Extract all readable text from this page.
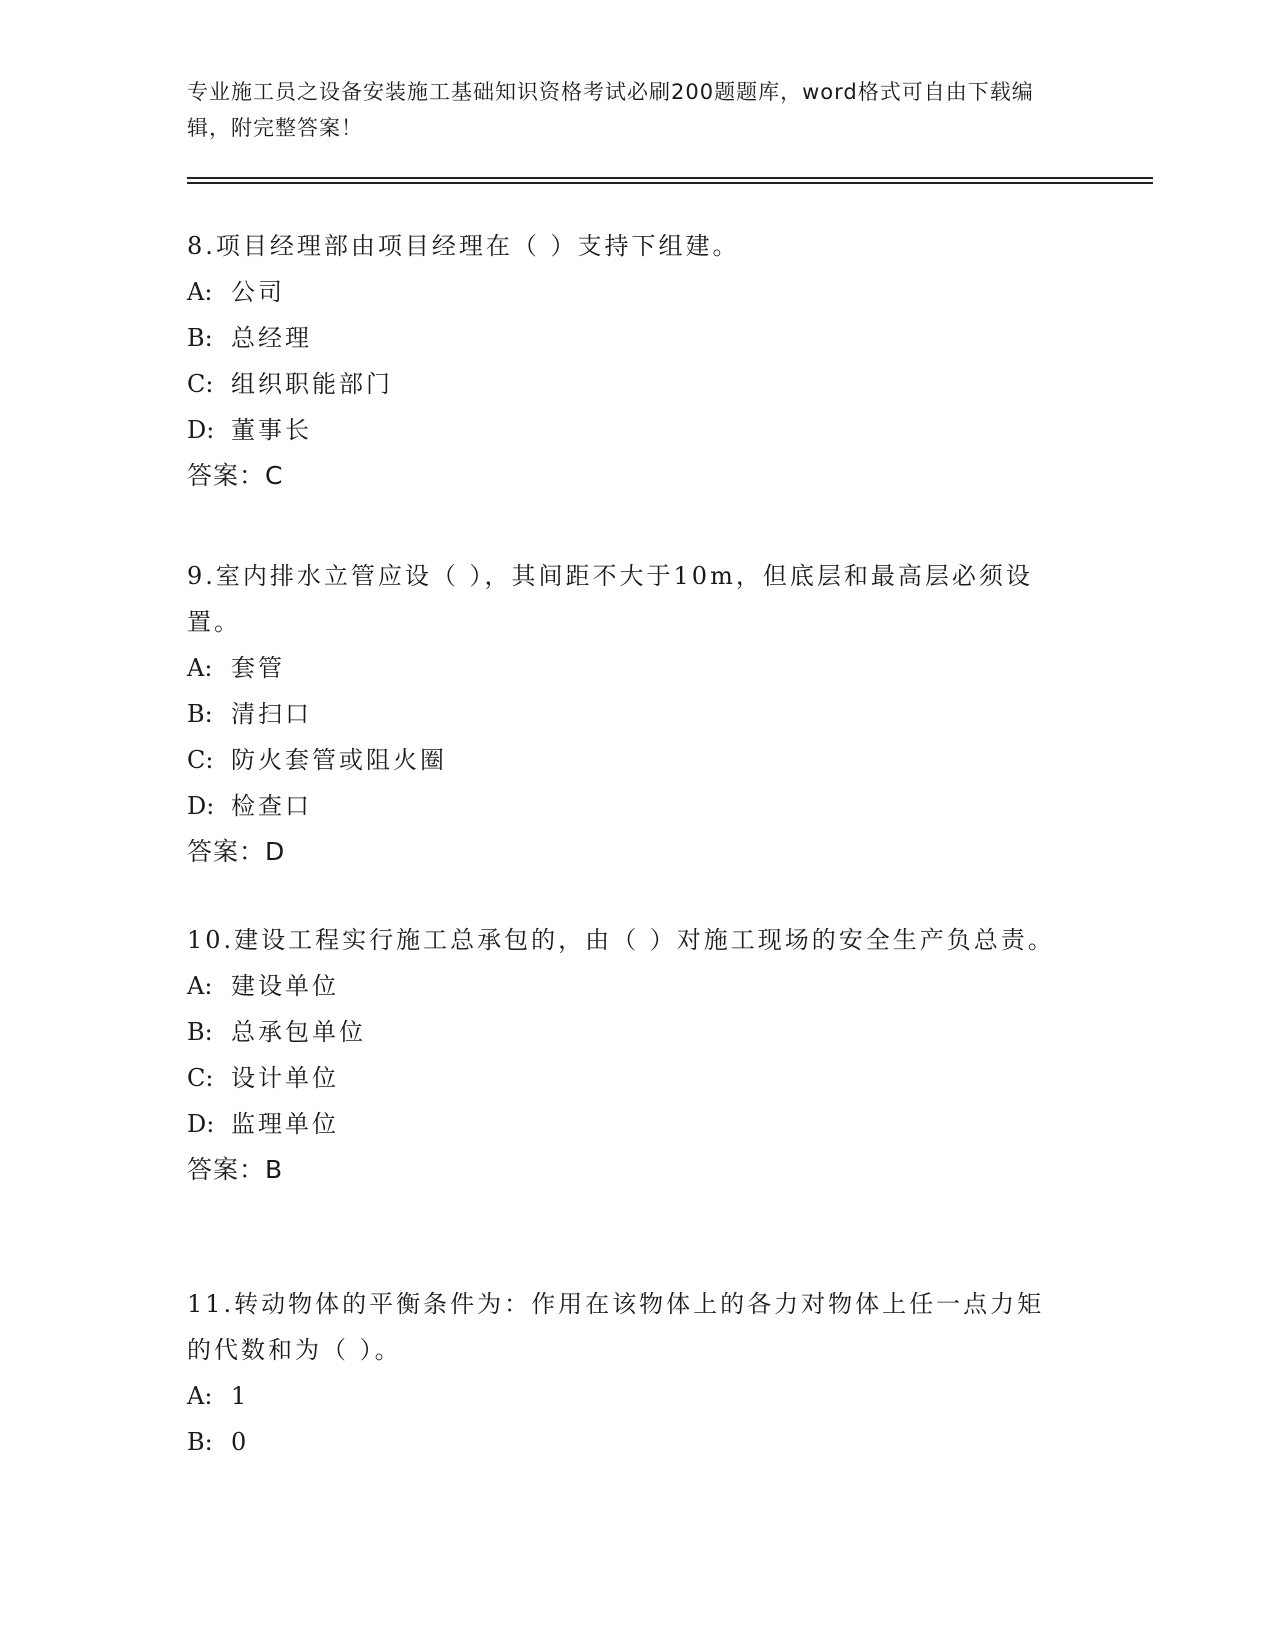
专业施工员之设备安装施工基础知识资格考试必刷200题题库，word格式可自由下载编辑，附完整答案！

8.项目经理部由项目经理在（ ）支持下组建。

A: 公司

B: 总经理

C: 组织职能部门

D: 董事长

答案：C

9.室内排水立管应设（ ），其间距不大于10m，但底层和最高层必须设置。

A: 套管

B: 清扫口

C: 防火套管或阻火圈

D: 检查口

答案：D

10.建设工程实行施工总承包的，由（ ）对施工现场的安全生产负总责。

A: 建设单位

B: 总承包单位

C: 设计单位

D: 监理单位

答案：B

11.转动物体的平衡条件为：作用在该物体上的各力对物体上任一点力矩的代数和为（ ）。

A: 1

B: 0
